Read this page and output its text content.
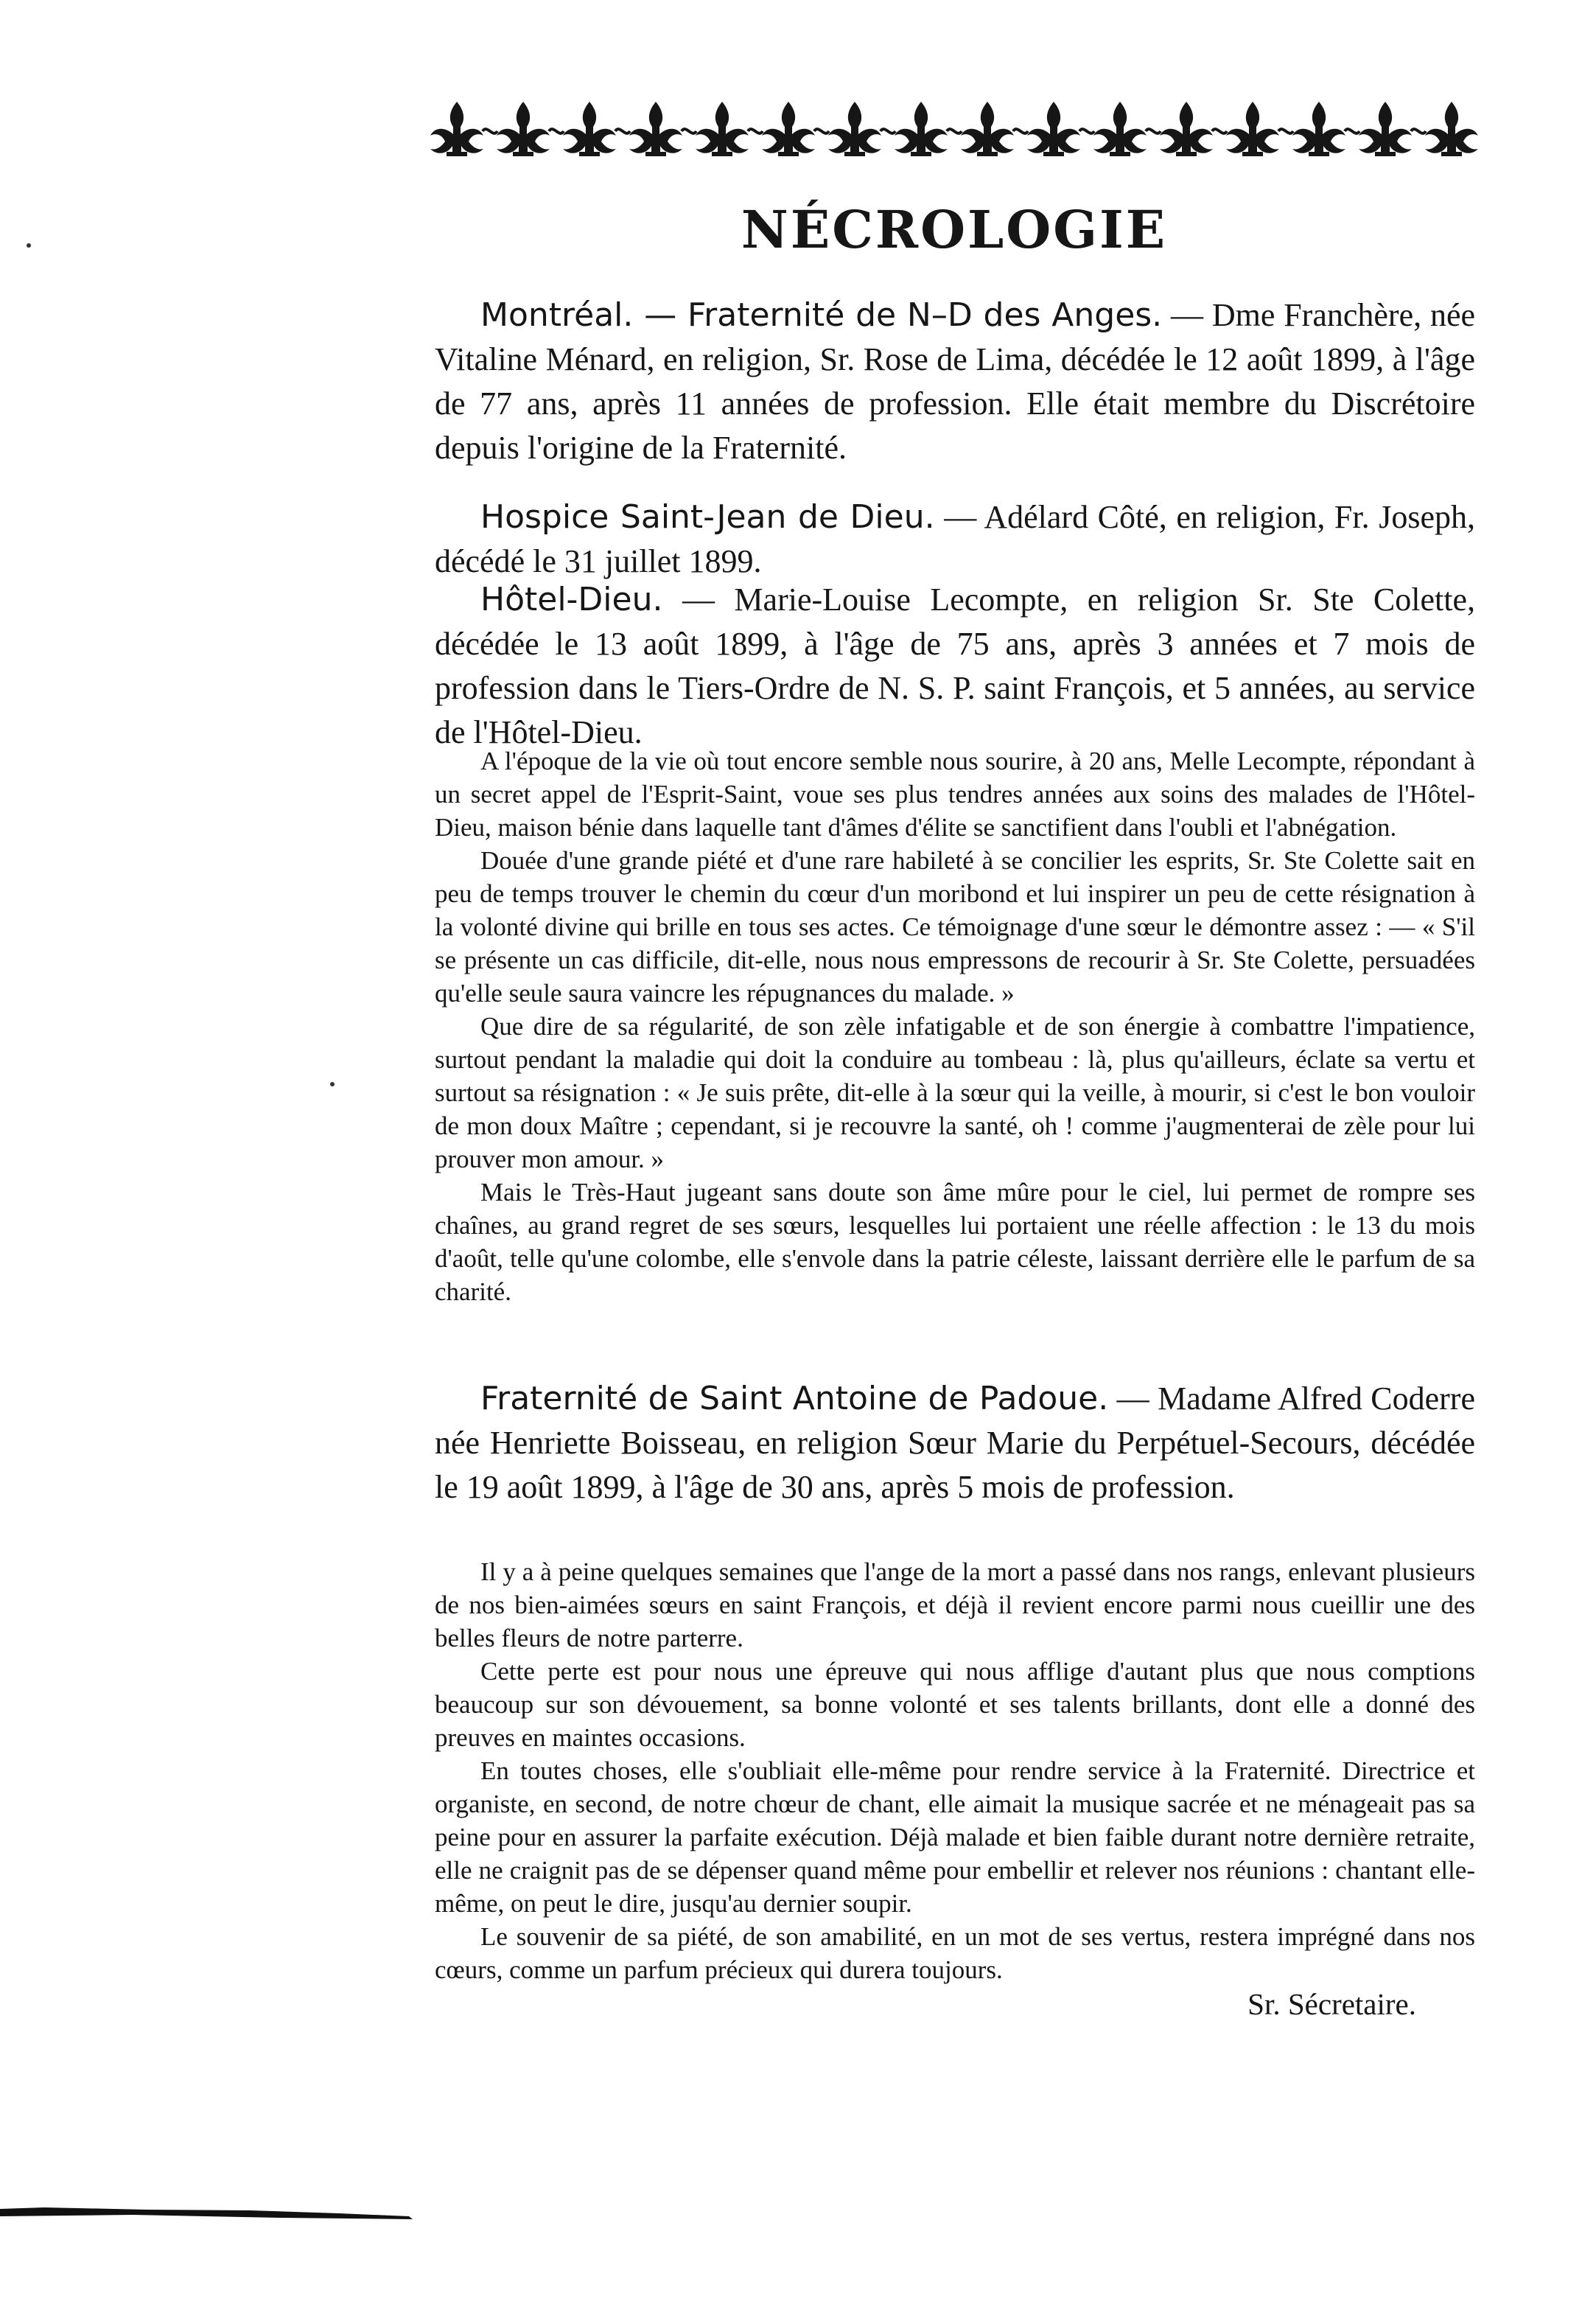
NÉCROLOGIE

Montréal. — Fraternité de N–D des Anges. — Dme Franchère, née Vitaline Ménard, en religion, Sr. Rose de Lima, décédée le 12 août 1899, à l'âge de 77 ans, après 11 années de profession. Elle était membre du Discrétoire depuis l'origine de la Fraternité.

Hospice Saint-Jean de Dieu. — Adélard Côté, en religion, Fr. Joseph, décédé le 31 juillet 1899.

Hôtel-Dieu. — Marie-Louise Lecompte, en religion Sr. Ste Colette, décédée le 13 août 1899, à l'âge de 75 ans, après 3 années et 7 mois de profession dans le Tiers-Ordre de N. S. P. saint François, et 5 années, au service de l'Hôtel-Dieu.

A l'époque de la vie où tout encore semble nous sourire, à 20 ans, Melle Lecompte, répondant à un secret appel de l'Esprit-Saint, voue ses plus tendres années aux soins des malades de l'Hôtel-Dieu, maison bénie dans laquelle tant d'âmes d'élite se sanctifient dans l'oubli et l'abnégation.

Douée d'une grande piété et d'une rare habileté à se concilier les esprits, Sr. Ste Colette sait en peu de temps trouver le chemin du cœur d'un moribond et lui inspirer un peu de cette résignation à la volonté divine qui brille en tous ses actes. Ce témoignage d'une sœur le démontre assez : — « S'il se présente un cas difficile, dit-elle, nous nous empressons de recourir à Sr. Ste Colette, persuadées qu'elle seule saura vaincre les répugnances du malade. »

Que dire de sa régularité, de son zèle infatigable et de son énergie à combattre l'impatience, surtout pendant la maladie qui doit la conduire au tombeau : là, plus qu'ailleurs, éclate sa vertu et surtout sa résignation : « Je suis prête, dit-elle à la sœur qui la veille, à mourir, si c'est le bon vouloir de mon doux Maître ; cependant, si je recouvre la santé, oh ! comme j'augmenterai de zèle pour lui prouver mon amour. »

Mais le Très-Haut jugeant sans doute son âme mûre pour le ciel, lui permet de rompre ses chaînes, au grand regret de ses sœurs, lesquelles lui portaient une réelle affection : le 13 du mois d'août, telle qu'une colombe, elle s'envole dans la patrie céleste, laissant derrière elle le parfum de sa charité.

Fraternité de Saint Antoine de Padoue. — Madame Alfred Coderre née Henriette Boisseau, en religion Sœur Marie du Perpétuel-Secours, décédée le 19 août 1899, à l'âge de 30 ans, après 5 mois de profession.

Il y a à peine quelques semaines que l'ange de la mort a passé dans nos rangs, enlevant plusieurs de nos bien-aimées sœurs en saint François, et déjà il revient encore parmi nous cueillir une des belles fleurs de notre parterre.

Cette perte est pour nous une épreuve qui nous afflige d'autant plus que nous comptions beaucoup sur son dévouement, sa bonne volonté et ses talents brillants, dont elle a donné des preuves en maintes occasions.

En toutes choses, elle s'oubliait elle-même pour rendre service à la Fraternité. Directrice et organiste, en second, de notre chœur de chant, elle aimait la musique sacrée et ne ménageait pas sa peine pour en assurer la parfaite exécution. Déjà malade et bien faible durant notre dernière retraite, elle ne craignit pas de se dépenser quand même pour embellir et relever nos réunions : chantant elle-même, on peut le dire, jusqu'au dernier soupir.

Le souvenir de sa piété, de son amabilité, en un mot de ses vertus, restera imprégné dans nos cœurs, comme un parfum précieux qui durera toujours.

Sr. Sécretaire.
